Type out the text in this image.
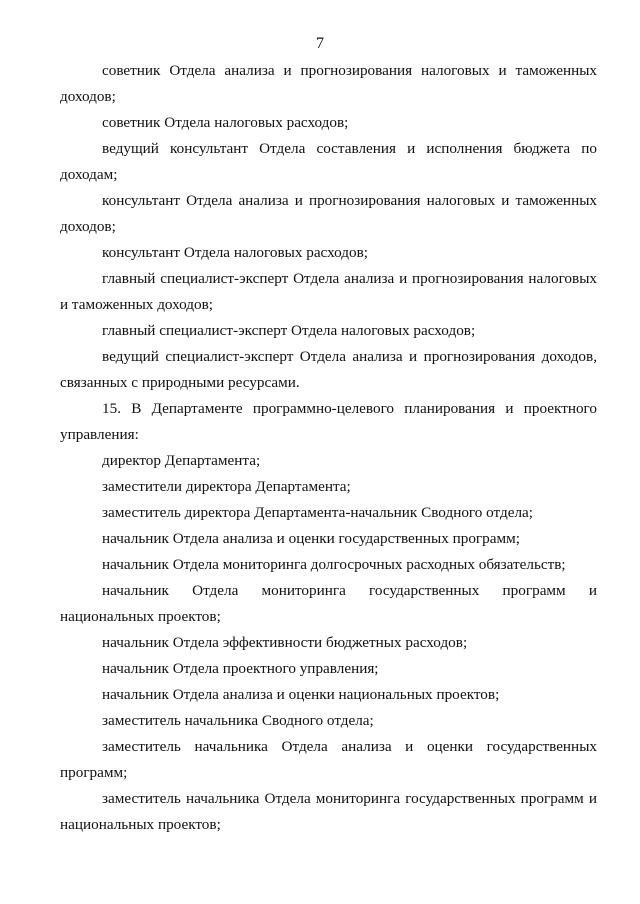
7

советник Отдела анализа и прогнозирования налоговых и таможенных доходов;

советник Отдела налоговых расходов;

ведущий консультант Отдела составления и исполнения бюджета по доходам;

консультант Отдела анализа и прогнозирования налоговых и таможенных доходов;

консультант Отдела налоговых расходов;

главный специалист-эксперт Отдела анализа и прогнозирования налоговых и таможенных доходов;

главный специалист-эксперт Отдела налоговых расходов;

ведущий специалист-эксперт Отдела анализа и прогнозирования доходов, связанных с природными ресурсами.

15. В Департаменте программно-целевого планирования и проектного управления:

директор Департамента;

заместители директора Департамента;

заместитель директора Департамента-начальник Сводного отдела;

начальник Отдела анализа и оценки государственных программ;

начальник Отдела мониторинга долгосрочных расходных обязательств;

начальник Отдела мониторинга государственных программ и национальных проектов;

начальник Отдела эффективности бюджетных расходов;

начальник Отдела проектного управления;

начальник Отдела анализа и оценки национальных проектов;

заместитель начальника Сводного отдела;

заместитель начальника Отдела анализа и оценки государственных программ;

заместитель начальника Отдела мониторинга государственных программ и национальных проектов;
